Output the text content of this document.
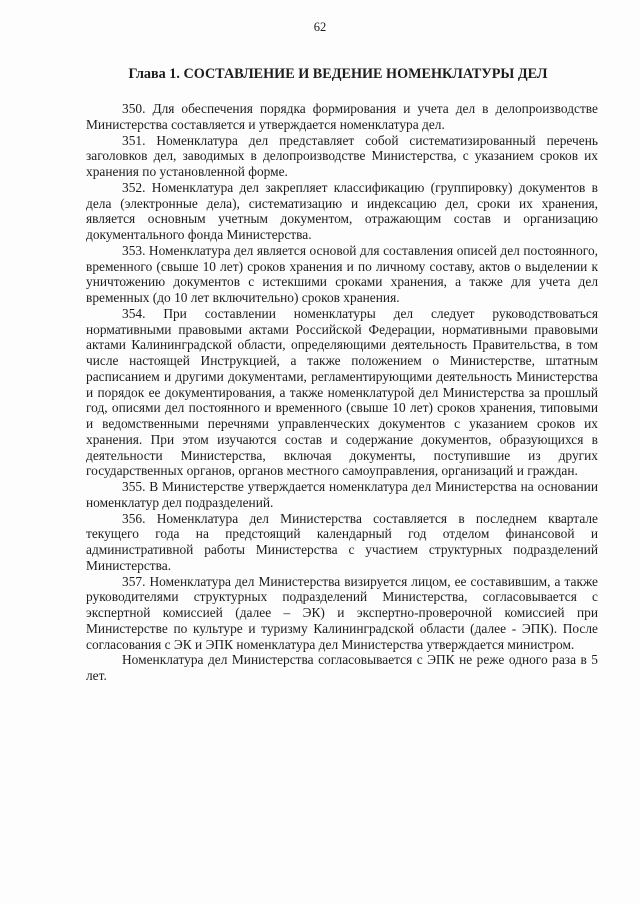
62
Глава 1. СОСТАВЛЕНИЕ И ВЕДЕНИЕ НОМЕНКЛАТУРЫ ДЕЛ

350. Для обеспечения порядка формирования и учета дел в делопроизводстве Министерства составляется и утверждается номенклатура дел.

351. Номенклатура дел представляет собой систематизированный перечень заголовков дел, заводимых в делопроизводстве Министерства, с указанием сроков их хранения по установленной форме.

352. Номенклатура дел закрепляет классификацию (группировку) документов в дела (электронные дела), систематизацию и индексацию дел, сроки их хранения, является основным учетным документом, отражающим состав и организацию документального фонда Министерства.

353. Номенклатура дел является основой для составления описей дел постоянного, временного (свыше 10 лет) сроков хранения и по личному составу, актов о выделении к уничтожению документов с истекшими сроками хранения, а также для учета дел временных (до 10 лет включительно) сроков хранения.

354. При составлении номенклатуры дел следует руководствоваться нормативными правовыми актами Российской Федерации, нормативными правовыми актами Калининградской области, определяющими деятельность Правительства, в том числе настоящей Инструкцией, а также положением о Министерстве, штатным расписанием и другими документами, регламентирующими деятельность Министерства и порядок ее документирования, а также номенклатурой дел Министерства за прошлый год, описями дел постоянного и временного (свыше 10 лет) сроков хранения, типовыми и ведомственными перечнями управленческих документов с указанием сроков их хранения. При этом изучаются состав и содержание документов, образующихся в деятельности Министерства, включая документы, поступившие из других государственных органов, органов местного самоуправления, организаций и граждан.

355. В Министерстве утверждается номенклатура дел Министерства на основании номенклатур дел подразделений.

356. Номенклатура дел Министерства составляется в последнем квартале текущего года на предстоящий календарный год отделом финансовой и административной работы Министерства с участием структурных подразделений Министерства.

357. Номенклатура дел Министерства визируется лицом, ее составившим, а также руководителями структурных подразделений Министерства, согласовывается с экспертной комиссией (далее – ЭК) и экспертно-проверочной комиссией при Министерстве по культуре и туризму Калининградской области (далее - ЭПК). После согласования с ЭК и ЭПК номенклатура дел Министерства утверждается министром.

Номенклатура дел Министерства согласовывается с ЭПК не реже одного раза в 5 лет.
